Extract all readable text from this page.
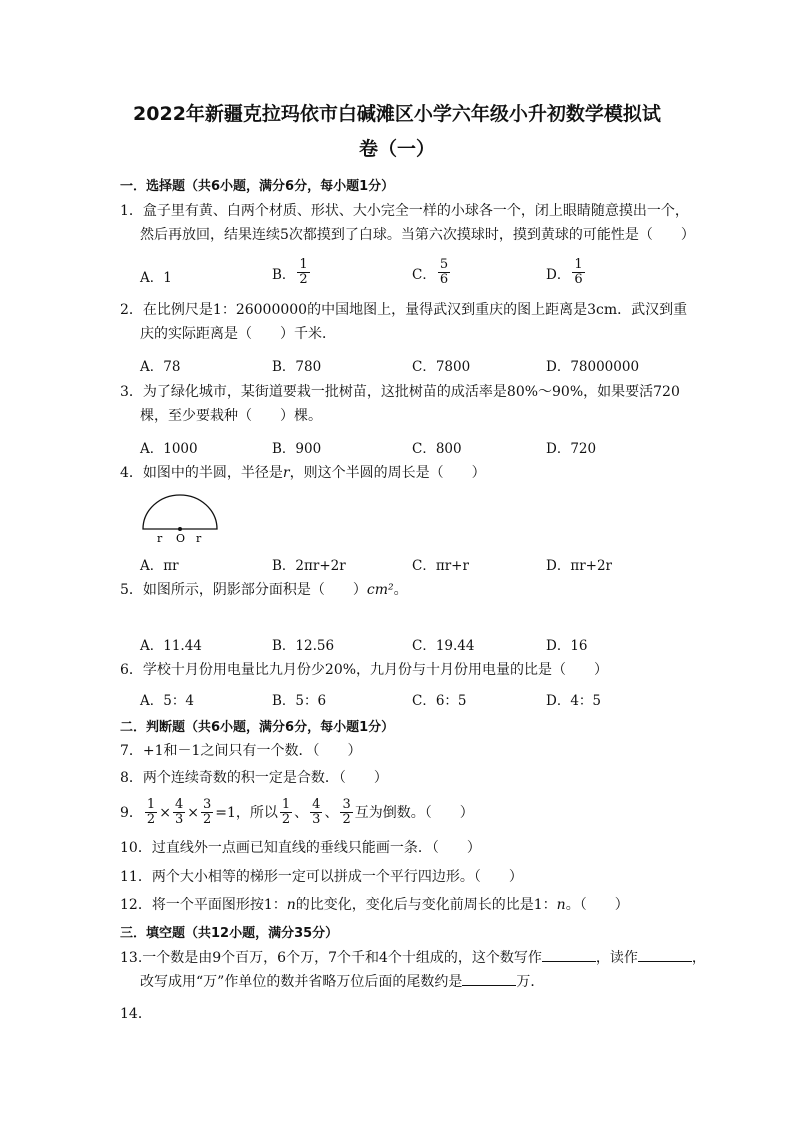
2022年新疆克拉玛依市白碱滩区小学六年级小升初数学模拟试
卷（一）
一．选择题（共6小题，满分6分，每小题1分）
1．盒子里有黄、白两个材质、形状、大小完全一样的小球各一个，闭上眼睛随意摸出一个，
然后再放回，结果连续5次都摸到了白球。当第六次摸球时，摸到黄球的可能性是（　　）
A．1	B． $\frac{1}{2}$	C． $\frac{5}{6}$	D． $\frac{1}{6}$
2．在比例尺是1：26000000的中国地图上，量得武汉到重庆的图上距离是3cm．武汉到重
庆的实际距离是（　　）千米．
A．78	B．780	C．7800	D．78000000
3．为了绿化城市，某街道要栽一批树苗，这批树苗的成活率是80%～90%，如果要活720
棵，至少要栽种（　　）棵。
A．1000	B．900	C．800	D．720
4．如图中的半圆，半径是r，则这个半圆的周长是（　　）
r O r
A．πr	B．2πr+2r	C．πr+r	D．πr+2r
5．如图所示，阴影部分面积是（　　）cm²。
A．11.44	B．12.56	C．19.44	D．16
6．学校十月份用电量比九月份少20%，九月份与十月份用电量的比是（　　）
A．5：4	B．5：6	C．6：5	D．4：5
二．判断题（共6小题，满分6分，每小题1分）
7．+1和－1之间只有一个数．（　　）
8．两个连续奇数的积一定是合数．（　　）
9． $\frac{1}{2} \times \frac{4}{3} \times \frac{3}{2} =1$，所以 $\frac{1}{2}$ 、 $\frac{4}{3}$ 、 $\frac{3}{2}$ 互为倒数。（　　）
10．过直线外一点画已知直线的垂线只能画一条．（　　）
11．两个大小相等的梯形一定可以拼成一个平行四边形。（　　）
12．将一个平面图形按1：n的比变化，变化后与变化前周长的比是1：n。（　　）
三．填空题（共12小题，满分35分）
13.一个数是由9个百万，6个万，7个千和4个十组成的，这个数写作	，读作	，
改写成用“万”作单位的数并省略万位后面的尾数约是	万．
14．
